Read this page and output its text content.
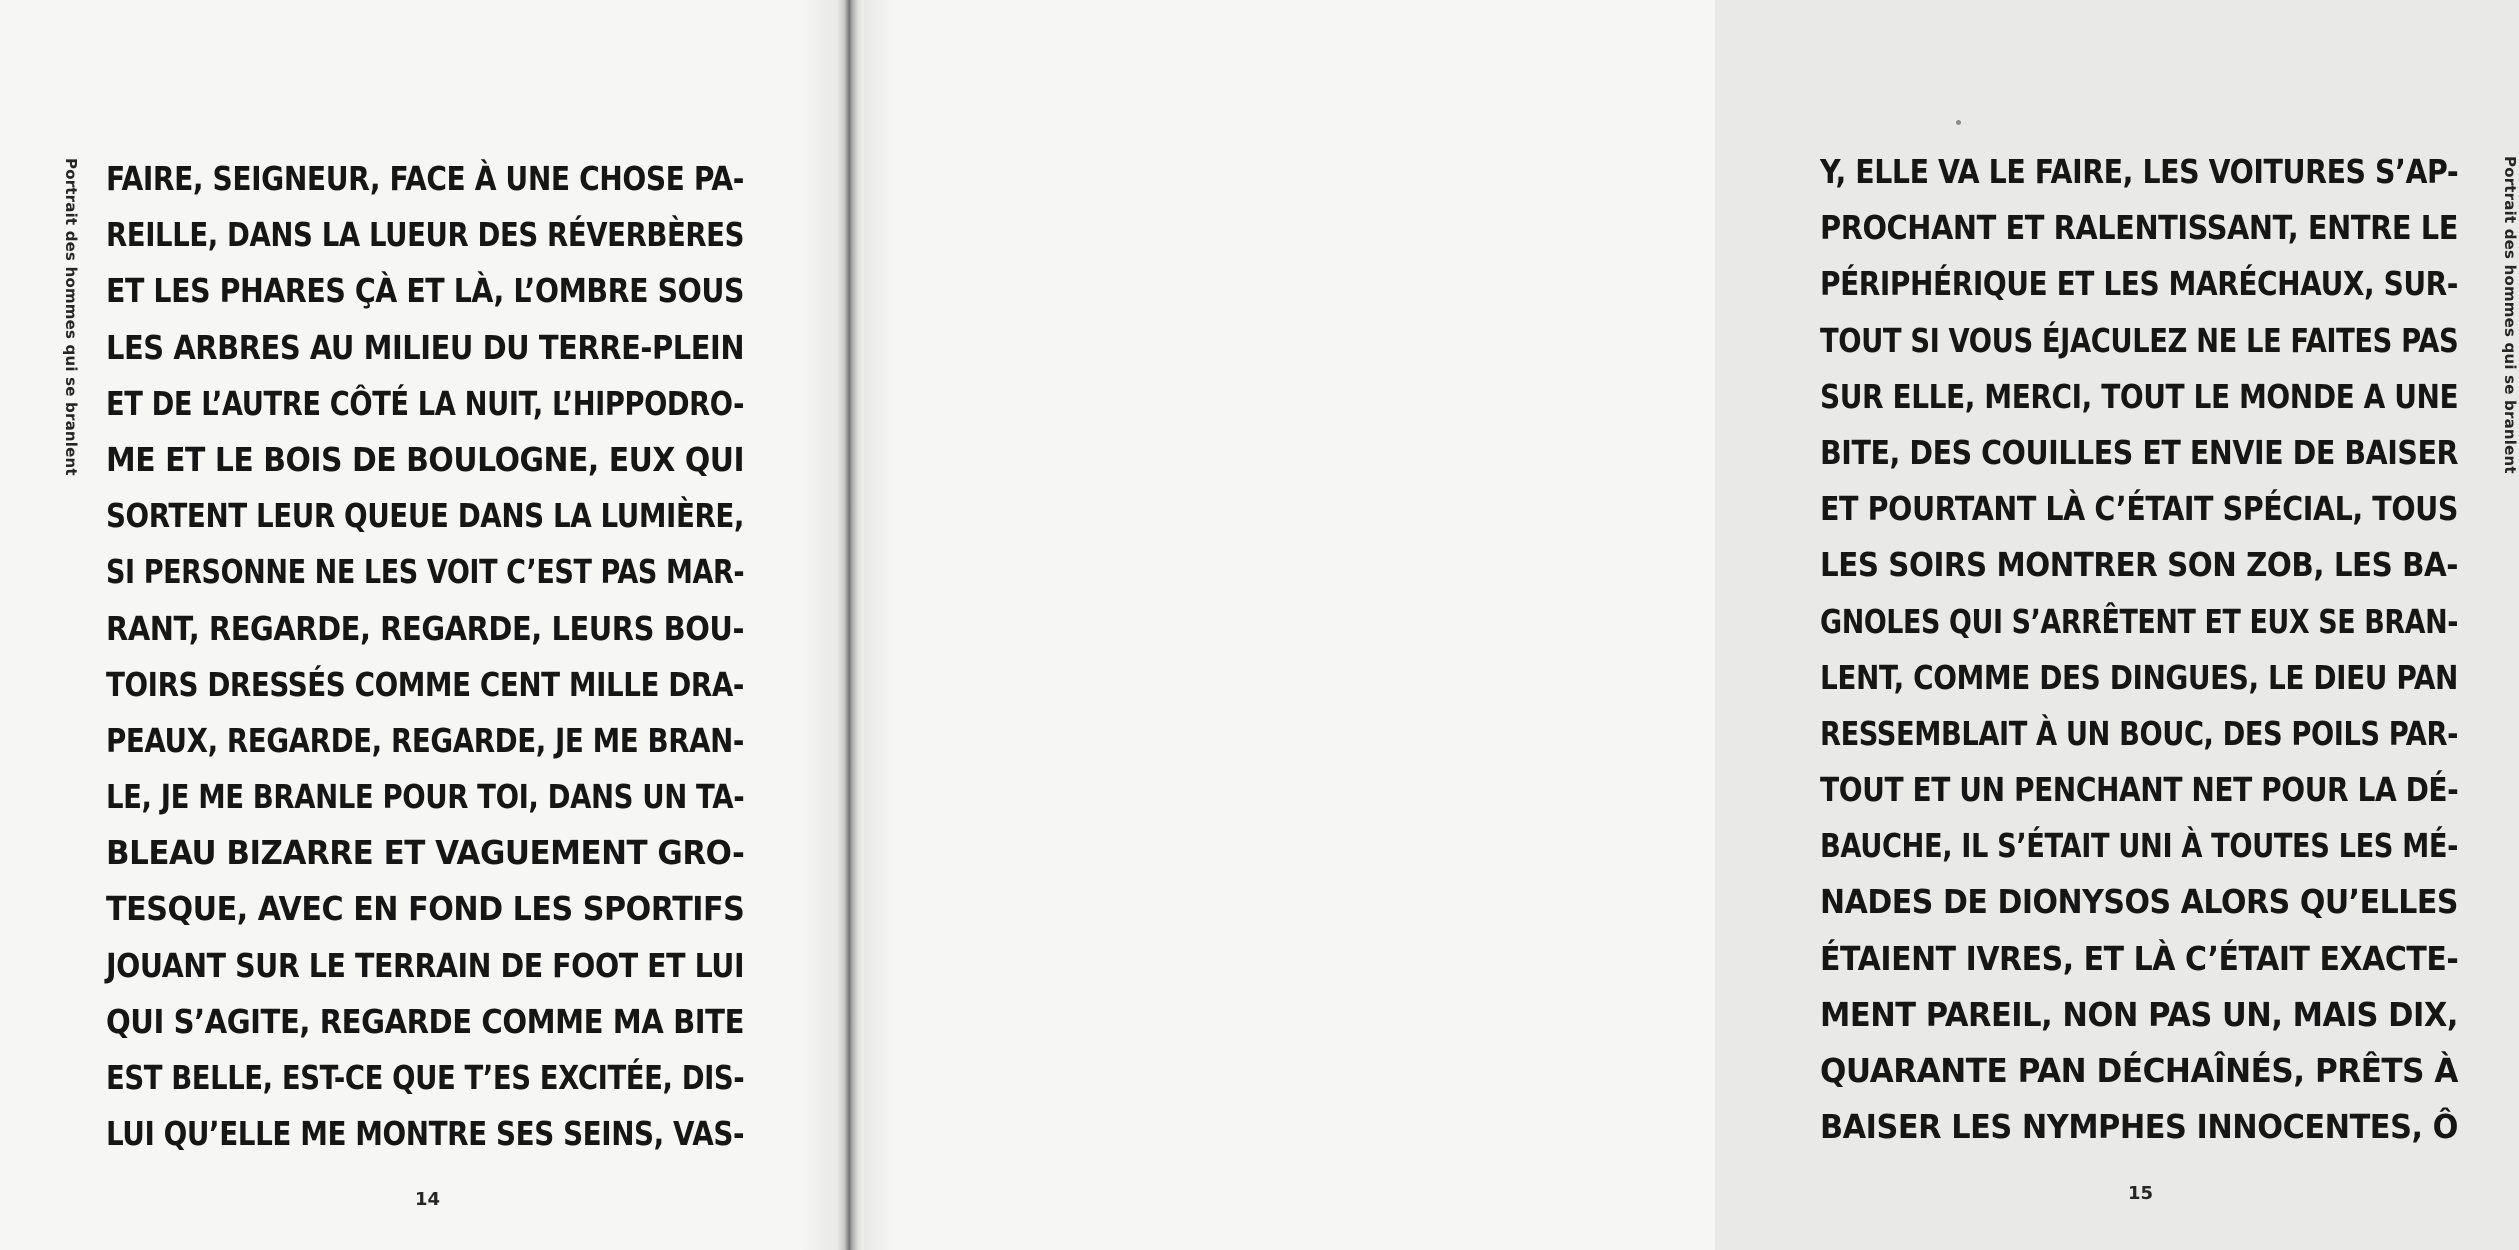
Portrait des hommes qui se branlent FAIRE, SEIGNEUR, FACE À UNE CHOSE PA-
REILLE, DANS LA LUEUR DES RÉVERBÈRES
ET LES PHARES ÇÀ ET LÀ, L’OMBRE SOUS
LES ARBRES AU MILIEU DU TERRE-PLEIN
ET DE L’AUTRE CÔTÉ LA NUIT, L’HIPPODRO-
ME ET LE BOIS DE BOULOGNE, EUX QUI
SORTENT LEUR QUEUE DANS LA LUMIÈRE,
SI PERSONNE NE LES VOIT C’EST PAS MAR-
RANT, REGARDE, REGARDE, LEURS BOU-
TOIRS DRESSÉS COMME CENT MILLE DRA-
PEAUX, REGARDE, REGARDE, JE ME BRAN-
LE, JE ME BRANLE POUR TOI, DANS UN TA-
BLEAU BIZARRE ET VAGUEMENT GRO-
TESQUE, AVEC EN FOND LES SPORTIFS
JOUANT SUR LE TERRAIN DE FOOT ET LUI
QUI S’AGITE, REGARDE COMME MA BITE
EST BELLE, EST-CE QUE T’ES EXCITÉE, DIS-
LUI QU’ELLE ME MONTRE SES SEINS, VAS-
14
Y, ELLE VA LE FAIRE, LES VOITURES S’AP-
PROCHANT ET RALENTISSANT, ENTRE LE
PÉRIPHÉRIQUE ET LES MARÉCHAUX, SUR-
TOUT SI VOUS ÉJACULEZ NE LE FAITES PAS
SUR ELLE, MERCI, TOUT LE MONDE A UNE
BITE, DES COUILLES ET ENVIE DE BAISER
ET POURTANT LÀ C’ÉTAIT SPÉCIAL, TOUS
LES SOIRS MONTRER SON ZOB, LES BA-
GNOLES QUI S’ARRÊTENT ET EUX SE BRAN-
LENT, COMME DES DINGUES, LE DIEU PAN
RESSEMBLAIT À UN BOUC, DES POILS PAR-
TOUT ET UN PENCHANT NET POUR LA DÉ-
BAUCHE, IL S’ÉTAIT UNI À TOUTES LES MÉ-
NADES DE DIONYSOS ALORS QU’ELLES
ÉTAIENT IVRES, ET LÀ C’ÉTAIT EXACTE-
MENT PAREIL, NON PAS UN, MAIS DIX,
QUARANTE PAN DÉCHAÎNÉS, PRÊTS À
BAISER LES NYMPHES INNOCENTES, Ô
Portrait des hommes qui se branlent
15
